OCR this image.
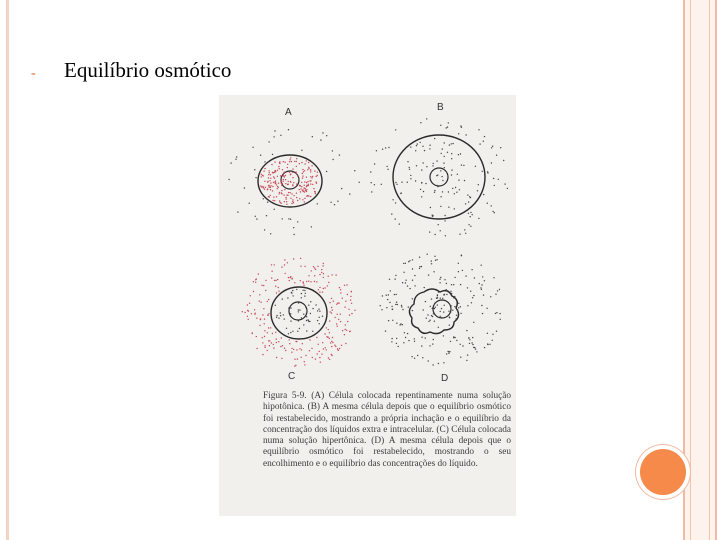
-	Equilíbrio osmótico
A	B
C	D
Figura 5-9. (A) Célula colocada repentinamente numa solução hipotônica. (B) A mesma célula depois que o equilíbrio osmótico foi restabelecido, mostrando a própria inchação e o equilíbrio da concentração dos líquidos extra e intracelular. (C) Célula colocada numa solução hipertônica. (D) A mesma célula depois que o equilíbrio osmótico foi restabelecido, mostrando o seu encolhimento e o equilíbrio das concentrações do líquido.
